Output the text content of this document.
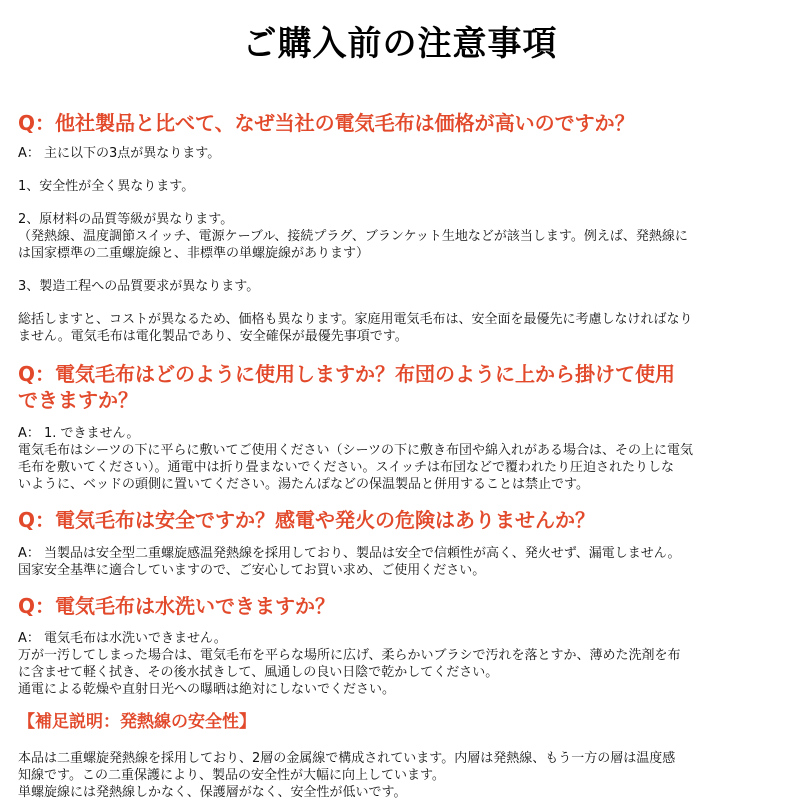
ご購入前の注意事項

Q：他社製品と比べて、なぜ当社の電気毛布は価格が高いのですか？

A： 主に以下の3点が異なります。

1、安全性が全く異なります。

2、原材料の品質等級が異なります。

（発熱線、温度調節スイッチ、電源ケーブル、接続プラグ、ブランケット生地などが該当します。例えば、発熱線に

は国家標準の二重螺旋線と、非標準の単螺旋線があります）

3、製造工程への品質要求が異なります。

総括しますと、コストが異なるため、価格も異なります。家庭用電気毛布は、安全面を最優先に考慮しなければなり

ません。電気毛布は電化製品であり、安全確保が最優先事項です。

Q：電気毛布はどのように使用しますか？布団のように上から掛けて使用

できますか？

A： 1. できません。

電気毛布はシーツの下に平らに敷いてご使用ください（シーツの下に敷き布団や綿入れがある場合は、その上に電気

毛布を敷いてください）。通電中は折り畳まないでください。スイッチは布団などで覆われたり圧迫されたりしな

いように、ベッドの頭側に置いてください。湯たんぽなどの保温製品と併用することは禁止です。

Q：電気毛布は安全ですか？感電や発火の危険はありませんか？

A： 当製品は安全型二重螺旋感温発熱線を採用しており、製品は安全で信頼性が高く、発火せず、漏電しません。

国家安全基準に適合していますので、ご安心してお買い求め、ご使用ください。

Q：電気毛布は水洗いできますか？

A： 電気毛布は水洗いできません。

万が一汚してしまった場合は、電気毛布を平らな場所に広げ、柔らかいブラシで汚れを落とすか、薄めた洗剤を布

に含ませて軽く拭き、その後水拭きして、風通しの良い日陰で乾かしてください。

通電による乾燥や直射日光への曝晒は絶対にしないでください。

【補足説明：発熱線の安全性】

本品は二重螺旋発熱線を採用しており、2層の金属線で構成されています。内層は発熱線、もう一方の層は温度感

知線です。この二重保護により、製品の安全性が大幅に向上しています。

単螺旋線には発熱線しかなく、保護層がなく、安全性が低いです。
